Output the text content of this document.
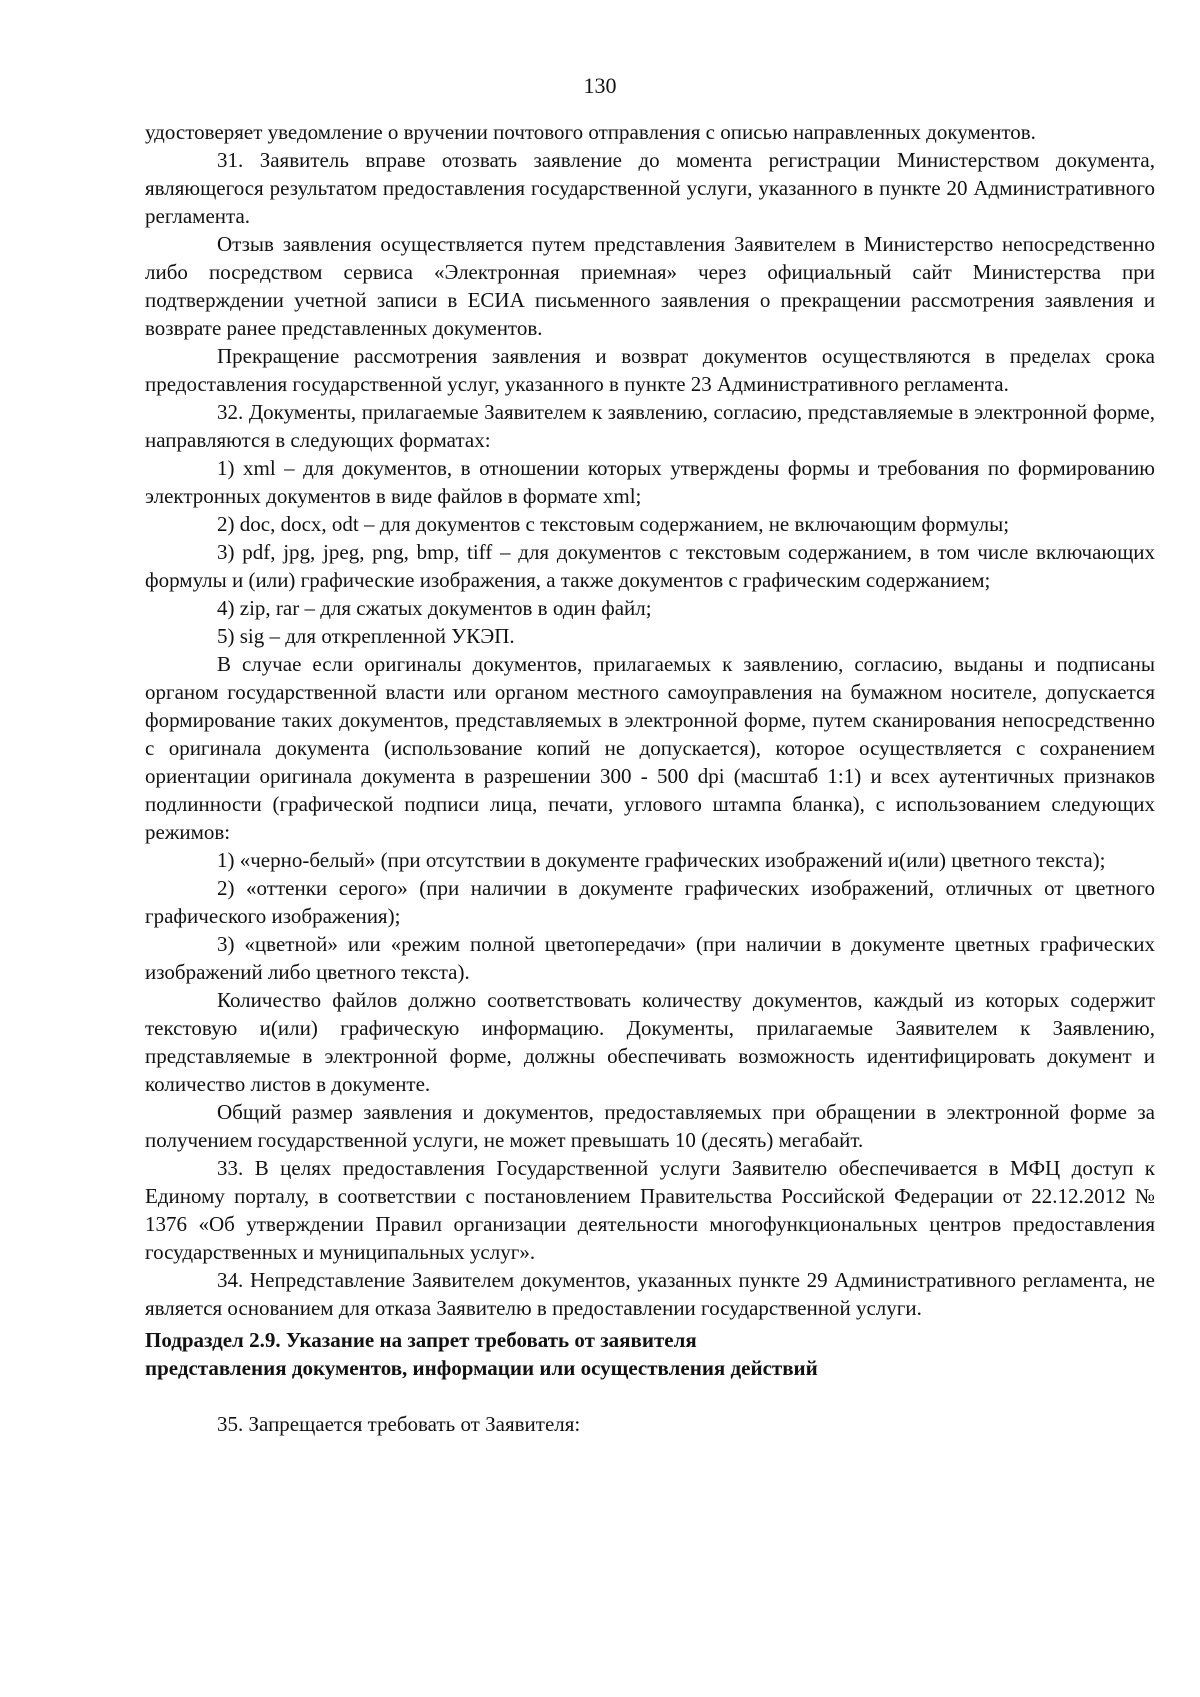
130

удостоверяет уведомление о вручении почтового отправления с описью направленных документов.

31. Заявитель вправе отозвать заявление до момента регистрации Министерством документа, являющегося результатом предоставления государственной услуги, указанного в пункте 20 Административного регламента.

Отзыв заявления осуществляется путем представления Заявителем в Министерство непосредственно либо посредством сервиса «Электронная приемная» через официальный сайт Министерства при подтверждении учетной записи в ЕСИА письменного заявления о прекращении рассмотрения заявления и возврате ранее представленных документов.

Прекращение рассмотрения заявления и возврат документов осуществляются в пределах срока предоставления государственной услуг, указанного в пункте 23 Административного регламента.

32. Документы, прилагаемые Заявителем к заявлению, согласию, представляемые в электронной форме, направляются в следующих форматах:

1) xml – для документов, в отношении которых утверждены формы и требования по формированию электронных документов в виде файлов в формате xml;

2) doc, docx, odt – для документов с текстовым содержанием, не включающим формулы;

3) pdf, jpg, jpeg, png, bmp, tiff – для документов с текстовым содержанием, в том числе включающих формулы и (или) графические изображения, а также документов с графическим содержанием;

4) zip, rar – для сжатых документов в один файл;

5) sig – для открепленной УКЭП.

В случае если оригиналы документов, прилагаемых к заявлению, согласию, выданы и подписаны органом государственной власти или органом местного самоуправления на бумажном носителе, допускается формирование таких документов, представляемых в электронной форме, путем сканирования непосредственно с оригинала документа (использование копий не допускается), которое осуществляется с сохранением ориентации оригинала документа в разрешении 300 - 500 dpi (масштаб 1:1) и всех аутентичных признаков подлинности (графической подписи лица, печати, углового штампа бланка), с использованием следующих режимов:

1) «черно-белый» (при отсутствии в документе графических изображений и(или) цветного текста);

2) «оттенки серого» (при наличии в документе графических изображений, отличных от цветного графического изображения);

3) «цветной» или «режим полной цветопередачи» (при наличии в документе цветных графических изображений либо цветного текста).

Количество файлов должно соответствовать количеству документов, каждый из которых содержит текстовую и(или) графическую информацию. Документы, прилагаемые Заявителем к Заявлению, представляемые в электронной форме, должны обеспечивать возможность идентифицировать документ и количество листов в документе.

Общий размер заявления и документов, предоставляемых при обращении в электронной форме за получением государственной услуги, не может превышать 10 (десять) мегабайт.

33. В целях предоставления Государственной услуги Заявителю обеспечивается в МФЦ доступ к Единому порталу, в соответствии с постановлением Правительства Российской Федерации от 22.12.2012 № 1376 «Об утверждении Правил организации деятельности многофункциональных центров предоставления государственных и муниципальных услуг».

34. Непредставление Заявителем документов, указанных пункте 29 Административного регламента, не является основанием для отказа Заявителю в предоставлении государственной услуги.

Подраздел 2.9. Указание на запрет требовать от заявителя

представления документов, информации или осуществления действий

35. Запрещается требовать от Заявителя:
